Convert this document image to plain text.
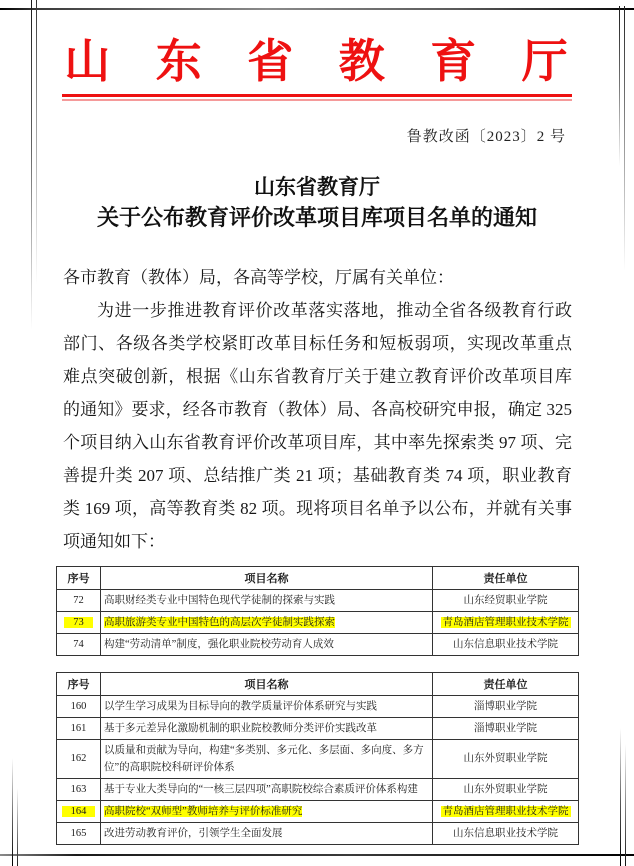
山 东 省 教 育 厅
鲁教改函〔2023〕2 号
山东省教育厅
关于公布教育评价改革项目库项目名单的通知

各市教育（教体）局，各高等学校，厅属有关单位：

为进一步推进教育评价改革落实落地，推动全省各级教育行政部门、各级各类学校紧盯改革目标任务和短板弱项，实现改革重点难点突破创新，根据《山东省教育厅关于建立教育评价改革项目库的通知》要求，经各市教育（教体）局、各高校研究申报，确定 325 个项目纳入山东省教育评价改革项目库，其中率先探索类 97 项、完善提升类 207 项、总结推广类 21 项；基础教育类 74 项，职业教育类 169 项，高等教育类 82 项。现将项目名单予以公布，并就有关事项通知如下：

序号	项目名称	责任单位
72	高职财经类专业中国特色现代学徒制的探索与实践	山东经贸职业学院
73	高职旅游类专业中国特色的高层次学徒制实践探索	青岛酒店管理职业技术学院
74	构建“劳动清单”制度，强化职业院校劳动育人成效	山东信息职业技术学院
序号	项目名称	责任单位
160	以学生学习成果为目标导向的教学质量评价体系研究与实践	淄博职业学院
161	基于多元差异化激励机制的职业院校教师分类评价实践改革	淄博职业学院
162	以质量和贡献为导向，构建“多类别、多元化、多层面、多向度、多方位”的高职院校科研评价体系	山东外贸职业学院
163	基于专业大类导向的“一核三层四项”高职院校综合素质评价体系构建	山东外贸职业学院
164	高职院校“双师型”教师培养与评价标准研究	青岛酒店管理职业技术学院
165	改进劳动教育评价，引领学生全面发展	山东信息职业技术学院
